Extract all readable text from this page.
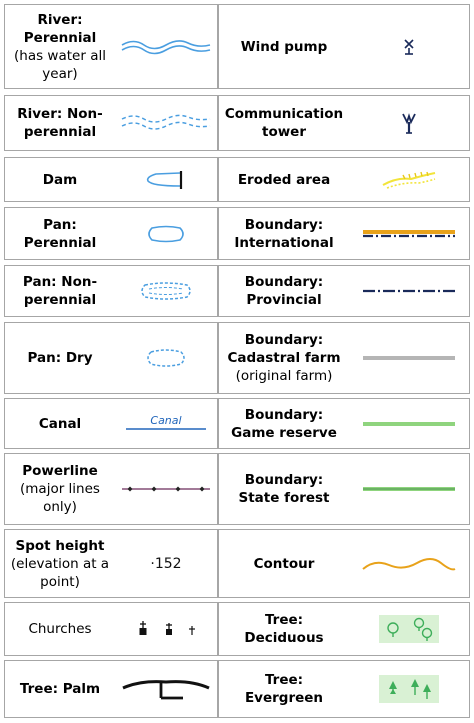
River:
Perennial
(has water all
year)
River: Non-
perennial
Dam
Pan:
Perennial
Pan: Non-
perennial
Pan: Dry
Canal	Canal
Powerline
(major lines
only)
Spot height
(elevation at a
point)
·152
Churches
Tree: Palm
Wind pump
Communication
tower
Eroded area
Boundary:
International
Boundary:
Provincial
Boundary:
Cadastral farm
(original farm)
Boundary:
Game reserve
Boundary:
State forest
Contour
Tree:
Deciduous
Tree:
Evergreen
